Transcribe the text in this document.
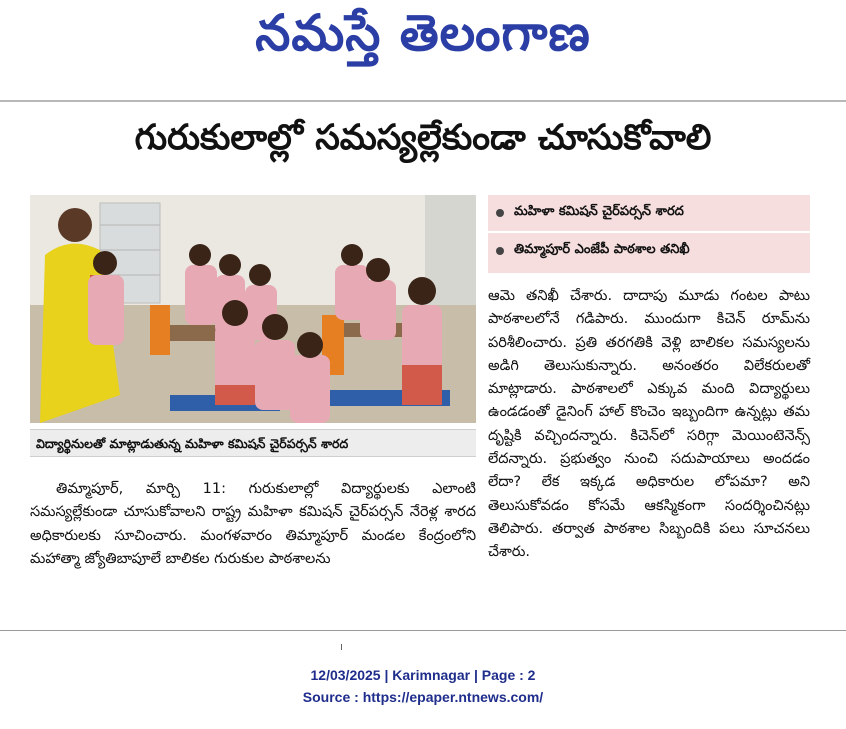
నమస్తే తెలంగాణ
గురుకులాల్లో సమస్యల్లేకుండా చూసుకోవాలి
విద్యార్థినులతో మాట్లాడుతున్న మహిళా కమిషన్ చైర్‌పర్సన్ శారద
మహిళా కమిషన్ చైర్‌పర్సన్ శారద
తిమ్మాపూర్ ఎంజేపీ పాఠశాల తనిఖీ

ఆమె తనిఖీ చేశారు. దాదాపు మూడు గంటల పాటు పాఠశాలలోనే గడిపారు. ముందుగా కిచెన్ రూమ్‌ను పరిశీలించారు. ప్రతి తరగతికి వెళ్లి బాలికల సమస్యలను అడిగి తెలుసుకున్నారు. అనంతరం విలేకరులతో మాట్లాడారు. పాఠశాలలో ఎక్కువ మంది విద్యార్థులు ఉండడంతో డైనింగ్ హాల్ కొంచెం ఇబ్బందిగా ఉన్నట్లు తమ దృష్టికి వచ్చిందన్నారు. కిచెన్‌లో సరిగ్గా మెయింటెనెన్స్ లేదన్నారు. ప్రభుత్వం నుంచి సదుపాయాలు అందడం లేదా? లేక ఇక్కడ అధికారుల లోపమా? అని తెలుసుకోవడం కోసమే ఆకస్మికంగా సందర్శించినట్లు తెలిపారు. తర్వాత పాఠశాల సిబ్బందికి పలు సూచనలు చేశారు.

తిమ్మాపూర్, మార్చి 11: గురుకులాల్లో విద్యార్థులకు ఎలాంటి సమస్యల్లేకుండా చూసుకోవాలని రాష్ట్ర మహిళా కమిషన్ చైర్‌పర్సన్ నేరెళ్ల శారద అధికారులకు సూచించారు. మంగళవారం తిమ్మాపూర్ మండల కేంద్రంలోని మహాత్మా జ్యోతిబాపూలే బాలికల గురుకుల పాఠశాలను

12/03/2025 | Karimnagar | Page : 2
Source : https://epaper.ntnews.com/
